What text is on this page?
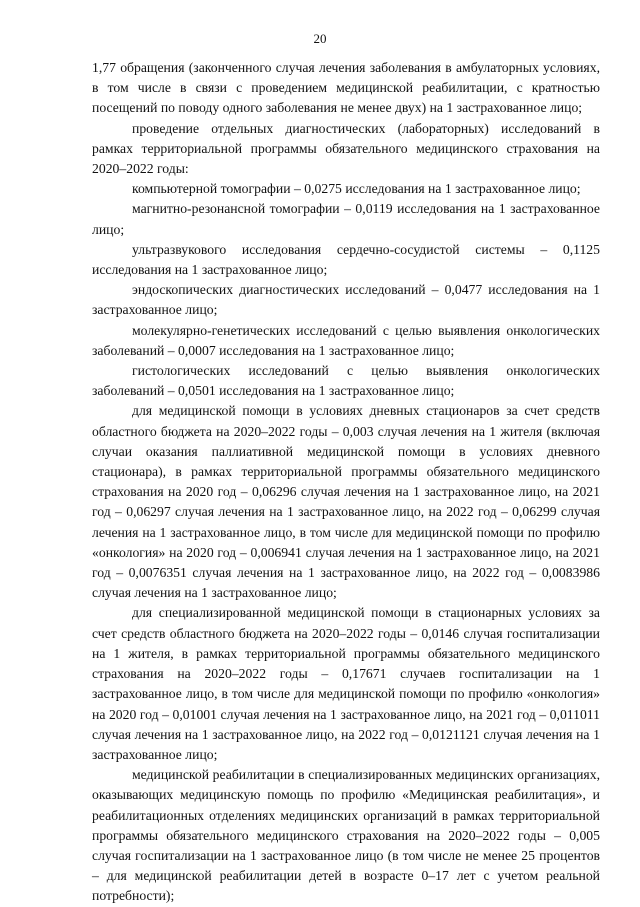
20

1,77 обращения (законченного случая лечения заболевания в амбулаторных условиях, в том числе в связи с проведением медицинской реабилитации, с кратностью посещений по поводу одного заболевания не менее двух) на 1 застрахованное лицо;

проведение отдельных диагностических (лабораторных) исследований в рамках территориальной программы обязательного медицинского страхования на 2020–2022 годы:

компьютерной томографии – 0,0275 исследования на 1 застрахованное лицо;

магнитно-резонансной томографии – 0,0119 исследования на 1 застрахованное лицо;

ультразвукового исследования сердечно-сосудистой системы – 0,1125 исследования на 1 застрахованное лицо;

эндоскопических диагностических исследований – 0,0477 исследования на 1 застрахованное лицо;

молекулярно-генетических исследований с целью выявления онкологических заболеваний – 0,0007 исследования на 1 застрахованное лицо;

гистологических исследований с целью выявления онкологических заболеваний – 0,0501 исследования на 1 застрахованное лицо;

для медицинской помощи в условиях дневных стационаров за счет средств областного бюджета на 2020–2022 годы – 0,003 случая лечения на 1 жителя (включая случаи оказания паллиативной медицинской помощи в условиях дневного стационара), в рамках территориальной программы обязательного медицинского страхования на 2020 год – 0,06296 случая лечения на 1 застрахованное лицо, на 2021 год – 0,06297 случая лечения на 1 застрахованное лицо, на 2022 год – 0,06299 случая лечения на 1 застрахованное лицо, в том числе для медицинской помощи по профилю «онкология» на 2020 год – 0,006941 случая лечения на 1 застрахованное лицо, на 2021 год – 0,0076351 случая лечения на 1 застрахованное лицо, на 2022 год – 0,0083986 случая лечения на 1 застрахованное лицо;

для специализированной медицинской помощи в стационарных условиях за счет средств областного бюджета на 2020–2022 годы – 0,0146 случая госпитализации на 1 жителя, в рамках территориальной программы обязательного медицинского страхования на 2020–2022 годы – 0,17671 случаев госпитализации на 1 застрахованное лицо, в том числе для медицинской помощи по профилю «онкология» на 2020 год – 0,01001 случая лечения на 1 застрахованное лицо, на 2021 год – 0,011011 случая лечения на 1 застрахованное лицо, на 2022 год – 0,0121121 случая лечения на 1 застрахованное лицо;

медицинской реабилитации в специализированных медицинских организациях, оказывающих медицинскую помощь по профилю «Медицинская реабилитация», и реабилитационных отделениях медицинских организаций в рамках территориальной программы обязательного медицинского страхования на 2020–2022 годы – 0,005 случая госпитализации на 1 застрахованное лицо (в том числе не менее 25 процентов – для медицинской реабилитации детей в возрасте 0–17 лет с учетом реальной потребности);
